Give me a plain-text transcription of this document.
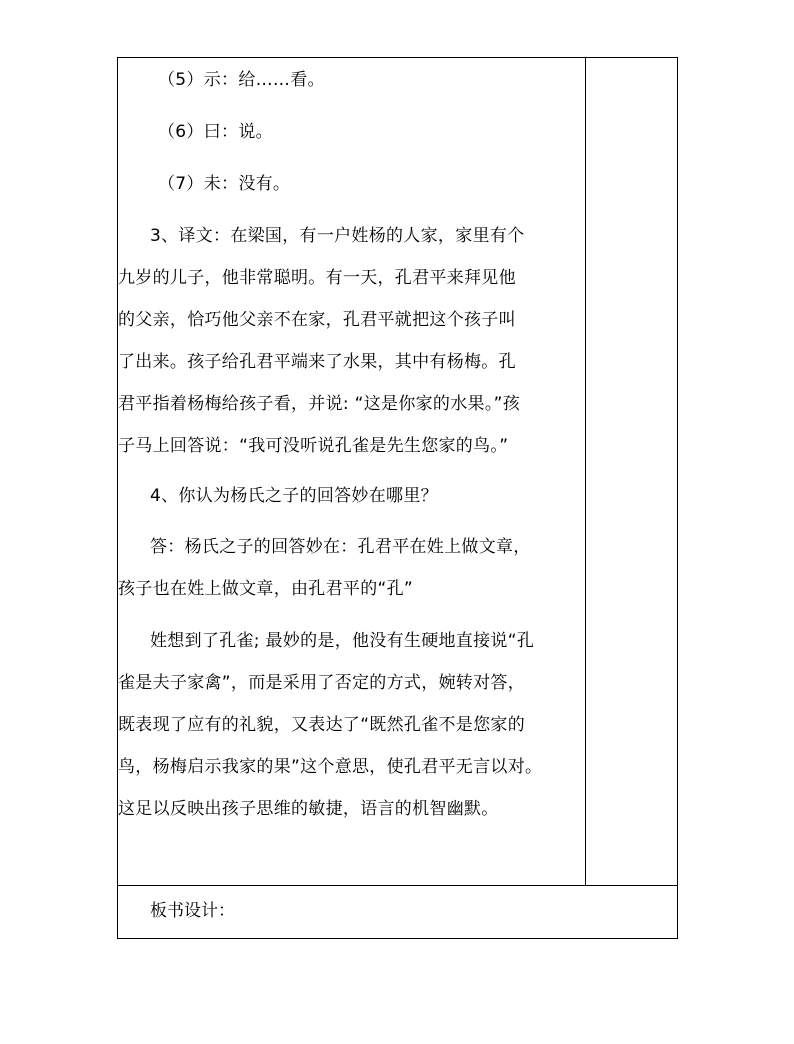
（5）示：给……看。
（6）曰：说。
（7）未：没有。
3、译文：在梁国，有一户姓杨的人家，家里有个
九岁的儿子，他非常聪明。有一天，孔君平来拜见他
的父亲，恰巧他父亲不在家，孔君平就把这个孩子叫
了出来。孩子给孔君平端来了水果，其中有杨梅。孔
君平指着杨梅给孩子看，并说: “这是你家的水果。”孩
子马上回答说：“我可没听说孔雀是先生您家的鸟。”
4、你认为杨氏之子的回答妙在哪里？
答：杨氏之子的回答妙在：孔君平在姓上做文章，
孩子也在姓上做文章，由孔君平的“孔”
姓想到了孔雀; 最妙的是，他没有生硬地直接说“孔
雀是夫子家禽”，而是采用了否定的方式，婉转对答，
既表现了应有的礼貌，又表达了“既然孔雀不是您家的
鸟，杨梅启示我家的果”这个意思，使孔君平无言以对。
这足以反映出孩子思维的敏捷，语言的机智幽默。

板书设计：
